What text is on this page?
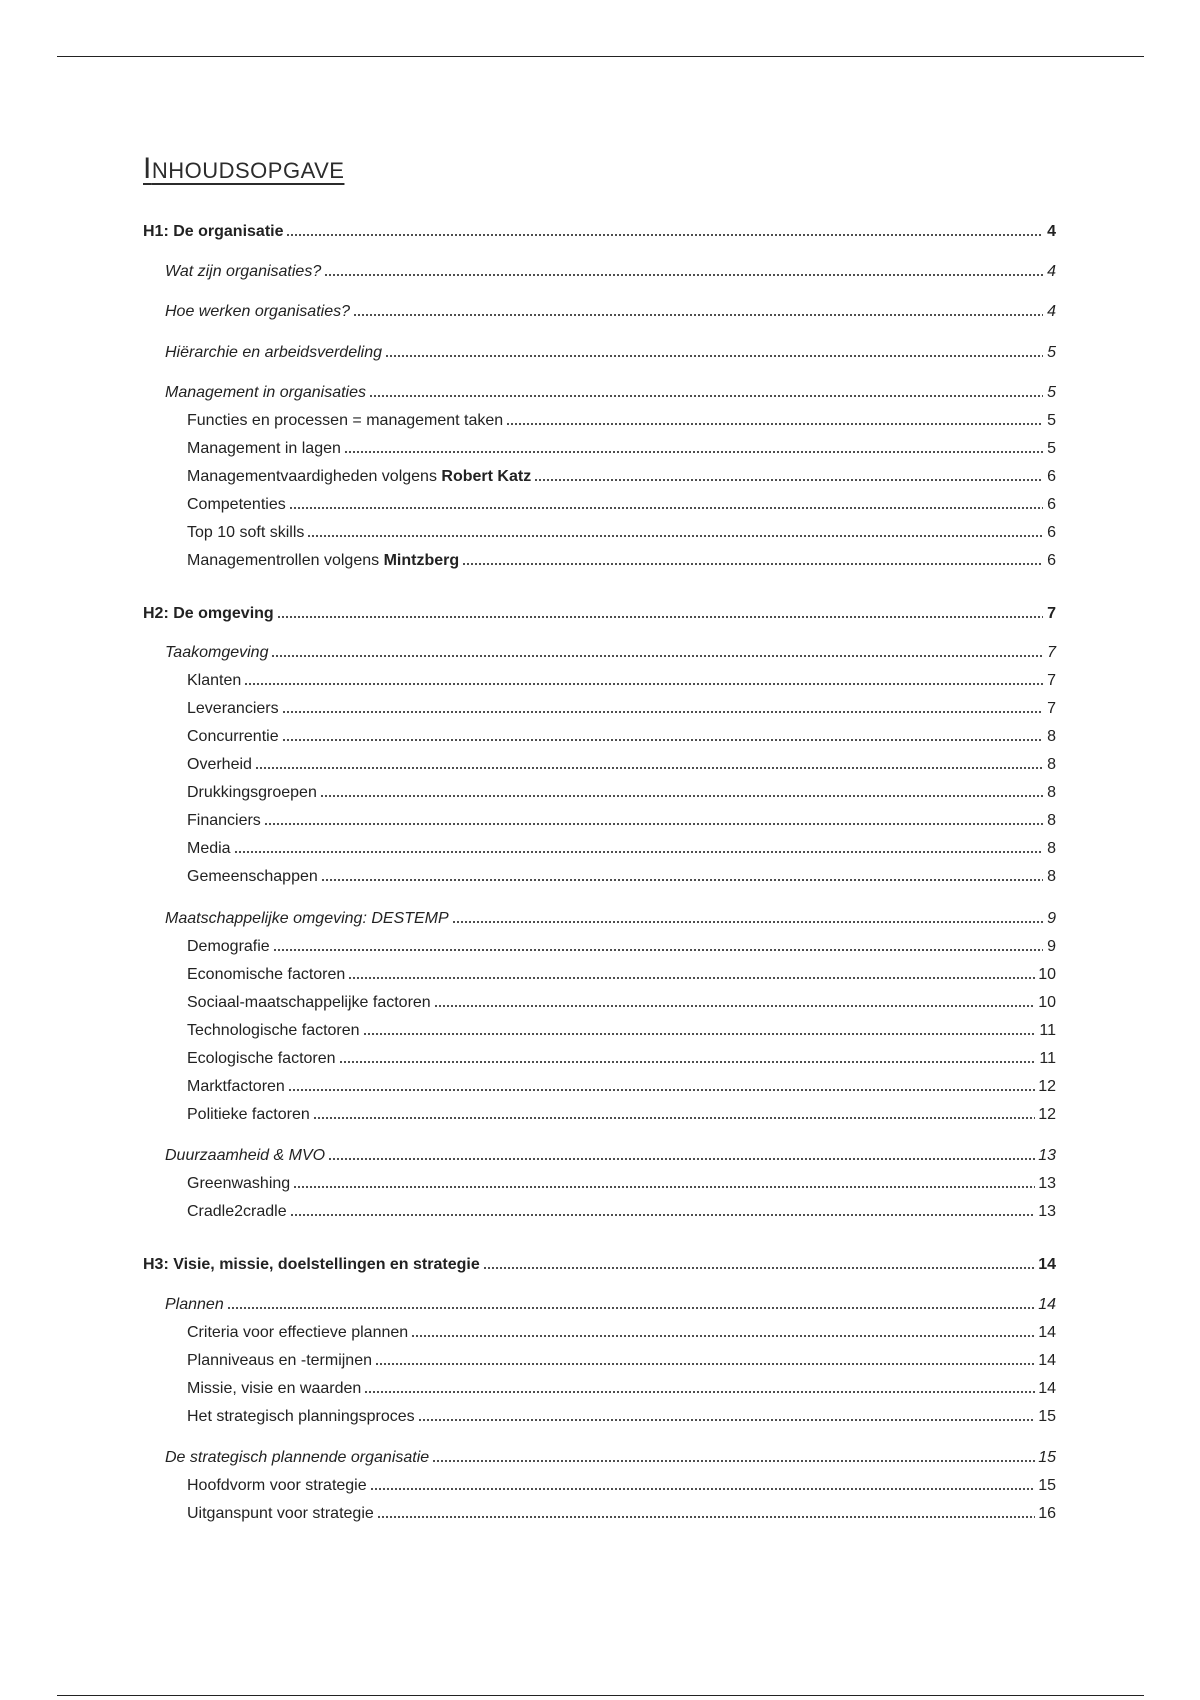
INHOUDSOPGAVE
H1: De organisatie	4
Wat zijn organisaties?	4
Hoe werken organisaties?	4
Hiërarchie en arbeidsverdeling	5
Management in organisaties	5
Functies en processen = management taken	5
Management in lagen	5
Managementvaardigheden volgens Robert Katz	6
Competenties	6
Top 10 soft skills	6
Managementrollen volgens Mintzberg	6
H2: De omgeving	7
Taakomgeving	7
Klanten	7
Leveranciers	7
Concurrentie	8
Overheid	8
Drukkingsgroepen	8
Financiers	8
Media	8
Gemeenschappen	8
Maatschappelijke omgeving: DESTEMP	9
Demografie	9
Economische factoren	10
Sociaal-maatschappelijke factoren	10
Technologische factoren	11
Ecologische factoren	11
Marktfactoren	12
Politieke factoren	12
Duurzaamheid & MVO	13
Greenwashing	13
Cradle2cradle	13
H3: Visie, missie, doelstellingen en strategie	14
Plannen	14
Criteria voor effectieve plannen	14
Planniveaus en -termijnen	14
Missie, visie en waarden	14
Het strategisch planningsproces	15
De strategisch plannende organisatie	15
Hoofdvorm voor strategie	15
Uitganspunt voor strategie	16
